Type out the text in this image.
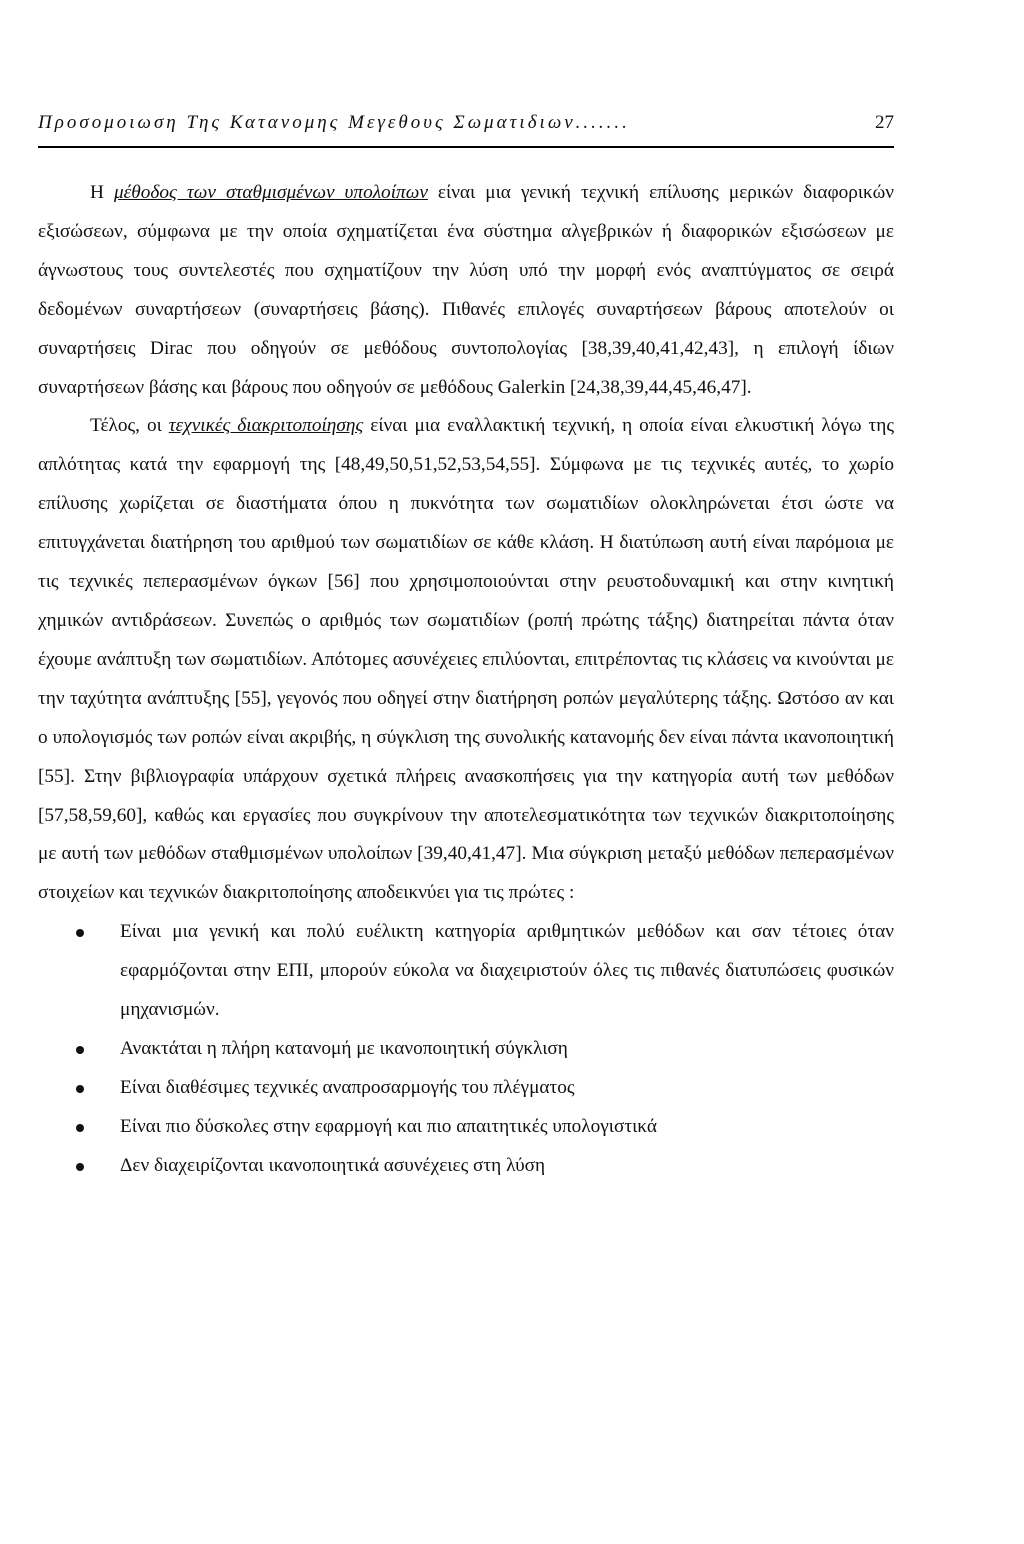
Προσομοιωση Της Κατανομης Μεγεθους Σωματιδιων.......	27

Η μέθοδος των σταθμισμένων υπολοίπων είναι μια γενική τεχνική επίλυσης μερικών διαφορικών εξισώσεων, σύμφωνα με την οποία σχηματίζεται ένα σύστημα αλγεβρικών ή διαφορικών εξισώσεων με άγνωστους τους συντελεστές που σχηματίζουν την λύση υπό την μορφή ενός αναπτύγματος σε σειρά δεδομένων συναρτήσεων (συναρτήσεις βάσης). Πιθανές επιλογές συναρτήσεων βάρους αποτελούν οι συναρτήσεις Dirac που οδηγούν σε μεθόδους συντοπολογίας [38,39,40,41,42,43], η επιλογή ίδιων συναρτήσεων βάσης και βάρους που οδηγούν σε μεθόδους Galerkin [24,38,39,44,45,46,47].

Τέλος, οι τεχνικές διακριτοποίησης είναι μια εναλλακτική τεχνική, η οποία είναι ελκυστική λόγω της απλότητας κατά την εφαρμογή της [48,49,50,51,52,53,54,55]. Σύμφωνα με τις τεχνικές αυτές, το χωρίο επίλυσης χωρίζεται σε διαστήματα όπου η πυκνότητα των σωματιδίων ολοκληρώνεται έτσι ώστε να επιτυγχάνεται διατήρηση του αριθμού των σωματιδίων σε κάθε κλάση. Η διατύπωση αυτή είναι παρόμοια με τις τεχνικές πεπερασμένων όγκων [56] που χρησιμοποιούνται στην ρευστοδυναμική και στην κινητική χημικών αντιδράσεων. Συνεπώς ο αριθμός των σωματιδίων (ροπή πρώτης τάξης) διατηρείται πάντα όταν έχουμε ανάπτυξη των σωματιδίων. Απότομες ασυνέχειες επιλύονται, επιτρέποντας τις κλάσεις να κινούνται με την ταχύτητα ανάπτυξης [55], γεγονός που οδηγεί στην διατήρηση ροπών μεγαλύτερης τάξης. Ωστόσο αν και ο υπολογισμός των ροπών είναι ακριβής, η σύγκλιση της συνολικής κατανομής δεν είναι πάντα ικανοποιητική [55]. Στην βιβλιογραφία υπάρχουν σχετικά πλήρεις ανασκοπήσεις για την κατηγορία αυτή των μεθόδων [57,58,59,60], καθώς και εργασίες που συγκρίνουν την αποτελεσματικότητα των τεχνικών διακριτοποίησης με αυτή των μεθόδων σταθμισμένων υπολοίπων [39,40,41,47]. Μια σύγκριση μεταξύ μεθόδων πεπερασμένων στοιχείων και τεχνικών διακριτοποίησης αποδεικνύει για τις πρώτες :

Είναι μια γενική και πολύ ευέλικτη κατηγορία αριθμητικών μεθόδων και σαν τέτοιες όταν εφαρμόζονται στην ΕΠΙ, μπορούν εύκολα να διαχειριστούν όλες τις πιθανές διατυπώσεις φυσικών μηχανισμών.
Ανακτάται η πλήρη κατανομή με ικανοποιητική σύγκλιση
Είναι διαθέσιμες τεχνικές αναπροσαρμογής του πλέγματος
Είναι πιο δύσκολες στην εφαρμογή και πιο απαιτητικές υπολογιστικά
Δεν διαχειρίζονται ικανοποιητικά ασυνέχειες στη λύση
